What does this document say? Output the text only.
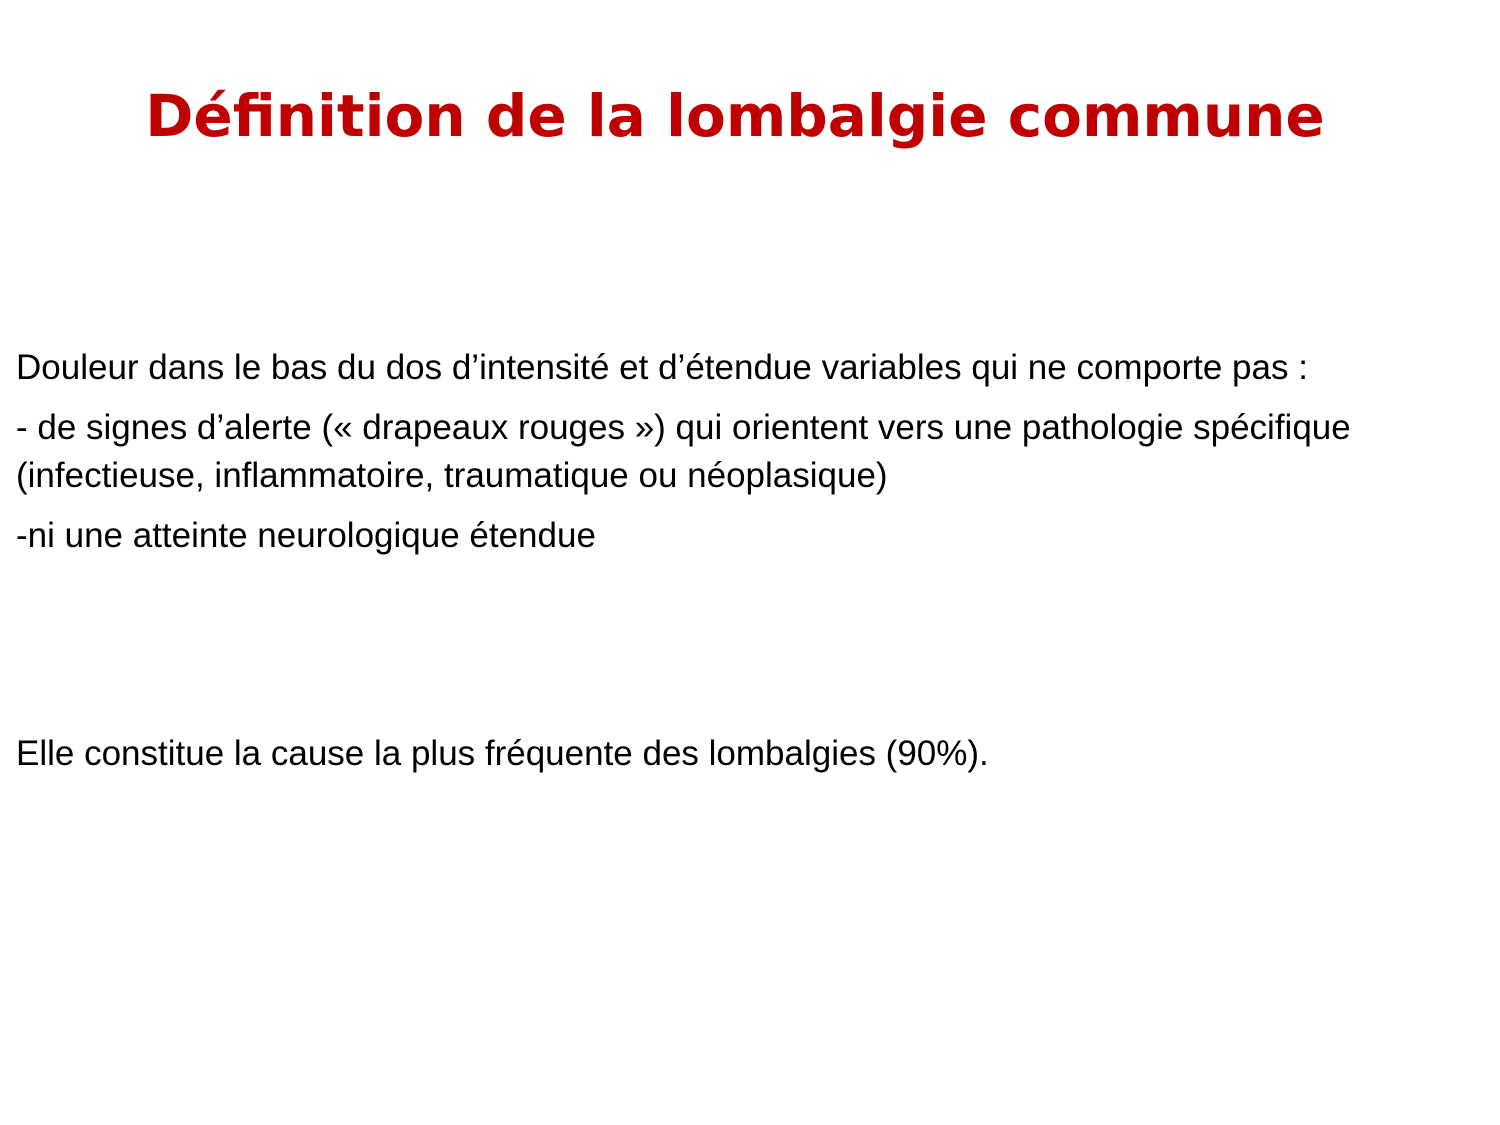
Définition de la lombalgie commune

Douleur dans le bas du dos d’intensité et d’étendue variables qui ne comporte pas :

- de signes d’alerte (« drapeaux rouges ») qui orientent vers une pathologie spécifique (infectieuse, inflammatoire, traumatique ou néoplasique)

-ni une atteinte neurologique étendue

Elle constitue la cause la plus fréquente des lombalgies (90%).
